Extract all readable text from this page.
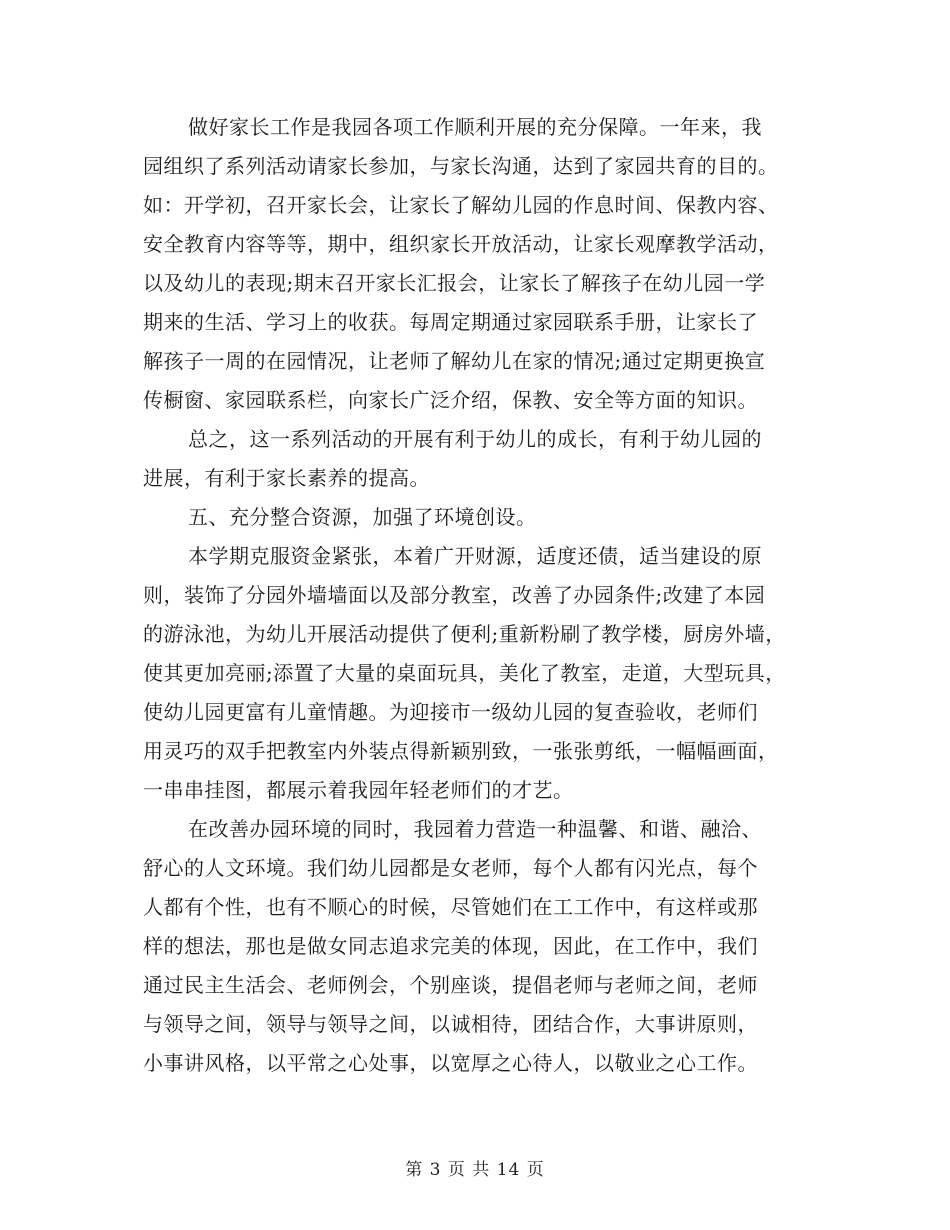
做好家长工作是我园各项工作顺利开展的充分保障。一年来，我
园组织了系列活动请家长参加，与家长沟通，达到了家园共育的目的。
如：开学初，召开家长会，让家长了解幼儿园的作息时间、保教内容、
安全教育内容等等，期中，组织家长开放活动，让家长观摩教学活动，
以及幼儿的表现;期末召开家长汇报会，让家长了解孩子在幼儿园一学
期来的生活、学习上的收获。每周定期通过家园联系手册，让家长了
解孩子一周的在园情况，让老师了解幼儿在家的情况;通过定期更换宣
传橱窗、家园联系栏，向家长广泛介绍，保教、安全等方面的知识。
总之，这一系列活动的开展有利于幼儿的成长，有利于幼儿园的
进展，有利于家长素养的提高。
五、充分整合资源，加强了环境创设。
本学期克服资金紧张，本着广开财源，适度还债，适当建设的原
则，装饰了分园外墙墙面以及部分教室，改善了办园条件;改建了本园
的游泳池，为幼儿开展活动提供了便利;重新粉刷了教学楼，厨房外墙，
使其更加亮丽;添置了大量的桌面玩具，美化了教室，走道，大型玩具，
使幼儿园更富有儿童情趣。为迎接市一级幼儿园的复查验收，老师们
用灵巧的双手把教室内外装点得新颖别致，一张张剪纸，一幅幅画面，
一串串挂图，都展示着我园年轻老师们的才艺。
在改善办园环境的同时，我园着力营造一种温馨、和谐、融洽、
舒心的人文环境。我们幼儿园都是女老师，每个人都有闪光点，每个
人都有个性，也有不顺心的时候，尽管她们在工工作中，有这样或那
样的想法，那也是做女同志追求完美的体现，因此，在工作中，我们
通过民主生活会、老师例会，个别座谈，提倡老师与老师之间，老师
与领导之间，领导与领导之间，以诚相待，团结合作，大事讲原则，
小事讲风格，以平常之心处事，以宽厚之心待人，以敬业之心工作。
第 3 页 共 14 页
